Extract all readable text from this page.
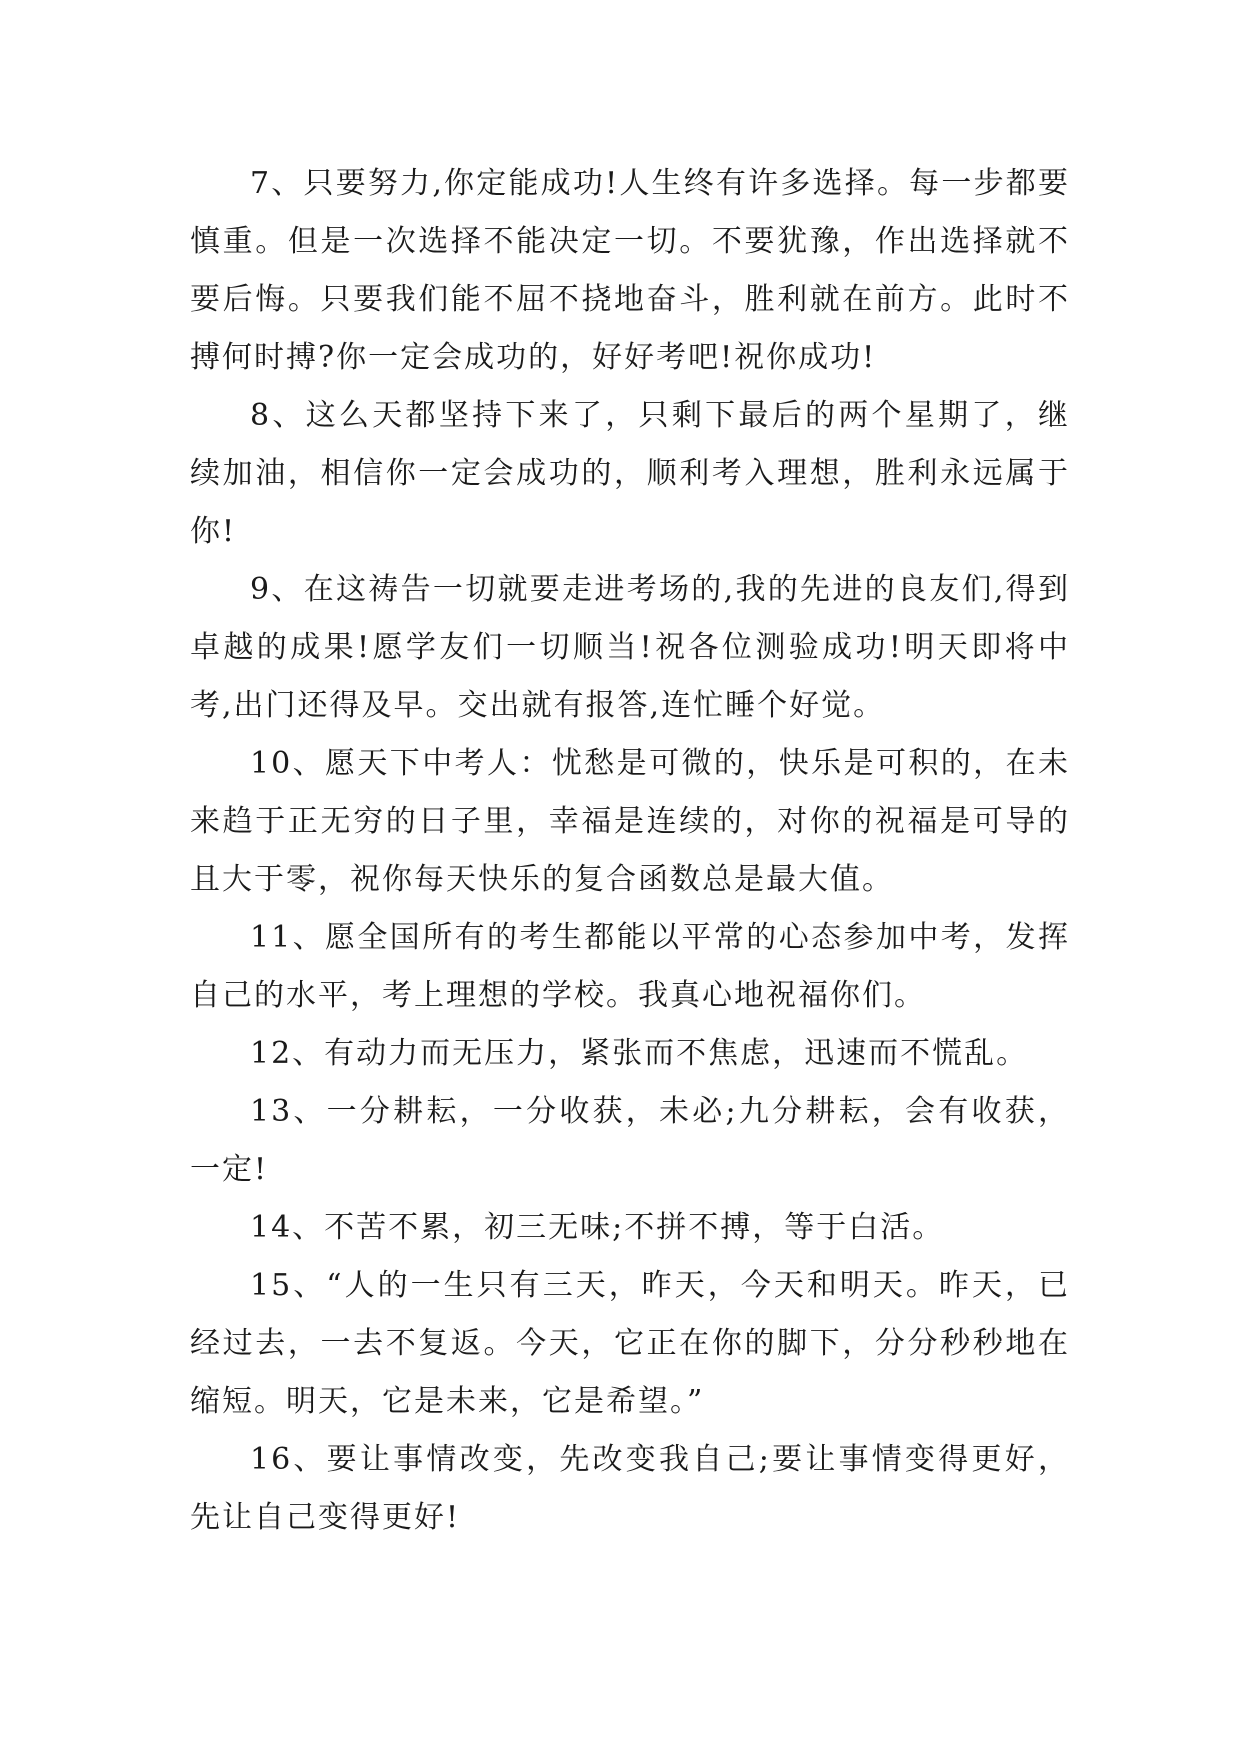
7、只要努力,你定能成功!人生终有许多选择。每一步都要慎重。但是一次选择不能决定一切。不要犹豫，作出选择就不要后悔。只要我们能不屈不挠地奋斗，胜利就在前方。此时不搏何时搏?你一定会成功的，好好考吧!祝你成功!

8、这么天都坚持下来了，只剩下最后的两个星期了，继续加油，相信你一定会成功的，顺利考入理想，胜利永远属于你!

9、在这祷告一切就要走进考场的,我的先进的良友们,得到卓越的成果!愿学友们一切顺当!祝各位测验成功!明天即将中考,出门还得及早。交出就有报答,连忙睡个好觉。

10、愿天下中考人：忧愁是可微的，快乐是可积的，在未来趋于正无穷的日子里，幸福是连续的，对你的祝福是可导的且大于零，祝你每天快乐的复合函数总是最大值。

11、愿全国所有的考生都能以平常的心态参加中考，发挥自己的水平，考上理想的学校。我真心地祝福你们。

12、有动力而无压力，紧张而不焦虑，迅速而不慌乱。

13、一分耕耘，一分收获，未必;九分耕耘，会有收获，一定!

14、不苦不累，初三无味;不拼不搏，等于白活。

15、“人的一生只有三天，昨天，今天和明天。昨天，已经过去，一去不复返。今天，它正在你的脚下，分分秒秒地在缩短。明天，它是未来，它是希望。”

16、要让事情改变，先改变我自己;要让事情变得更好，先让自己变得更好!
